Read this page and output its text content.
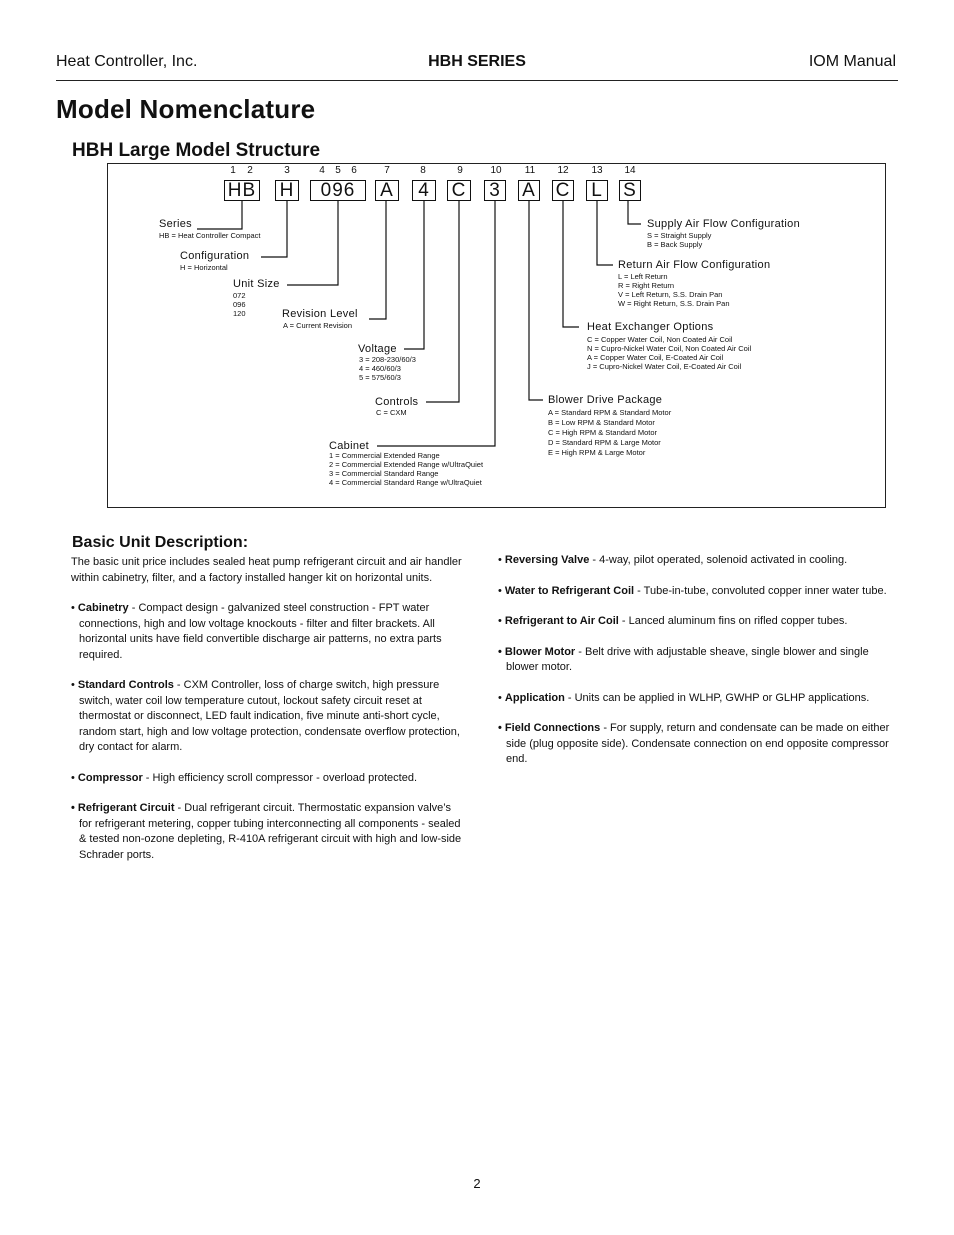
Heat Controller, Inc.	HBH SERIES	IOM Manual
Model Nomenclature
HBH Large Model Structure
1 2	3	4 5 6	7	8	9	10 11 12 13 14
HB H	096	A	4	C 3 A C L S
Series
HB = Heat Controller Compact
Configuration
H = Horizontal
Unit Size
072
096
120	Revision Level
A = Current Revision
Voltage
3 = 208-230/60/3
4 = 460/60/3
5 = 575/60/3
Controls
C = CXM
Cabinet
1 = Commercial Extended Range
2 = Commercial Extended Range w/UltraQuiet
3 = Commercial Standard Range
4 = Commercial Standard Range w/UltraQuiet
Supply Air Flow Configuration
S = Straight Supply
B = Back Supply
Return Air Flow Configuration
L = Left Return
R = Right Return
V = Left Return, S.S. Drain Pan
W = Right Return, S.S. Drain Pan
Heat Exchanger Options
C = Copper Water Coil, Non Coated Air Coil
N = Cupro-Nickel Water Coil, Non Coated Air Coil
A = Copper Water Coil, E-Coated Air Coil
J = Cupro-Nickel Water Coil, E-Coated Air Coil
Blower Drive Package
A = Standard RPM & Standard Motor
B = Low RPM & Standard Motor
C = High RPM & Standard Motor
D = Standard RPM & Large Motor
E = High RPM & Large Motor
Basic Unit Description:

The basic unit price includes sealed heat pump refrigerant circuit and air handler within cabinetry, filter, and a factory installed hanger kit on horizontal units.

• Cabinetry - Compact design - galvanized steel construction - FPT water connections, high and low voltage knockouts - filter and filter brackets. All horizontal units have field convertible discharge air patterns, no extra parts required.

• Standard Controls - CXM Controller, loss of charge switch, high pressure switch, water coil low temperature cutout, lockout safety circuit reset at thermostat or disconnect, LED fault indication, five minute anti-short cycle, random start, high and low voltage protection, condensate overflow protection, dry contact for alarm.

• Compressor - High efficiency scroll compressor - overload protected.

• Refrigerant Circuit - Dual refrigerant circuit. Thermostatic expansion valve’s for refrigerant metering, copper tubing interconnecting all components - sealed & tested non-ozone depleting, R-410A refrigerant circuit with high and low-side Schrader ports.

• Reversing Valve - 4-way, pilot operated, solenoid activated in cooling.

• Water to Refrigerant Coil - Tube-in-tube, convoluted copper inner water tube.

• Refrigerant to Air Coil - Lanced aluminum fins on rifled copper tubes.

• Blower Motor - Belt drive with adjustable sheave, single blower and single blower motor.

• Application - Units can be applied in WLHP, GWHP or GLHP applications.

• Field Connections - For supply, return and condensate can be made on either side (plug opposite side). Condensate connection on end opposite compressor end.

2
